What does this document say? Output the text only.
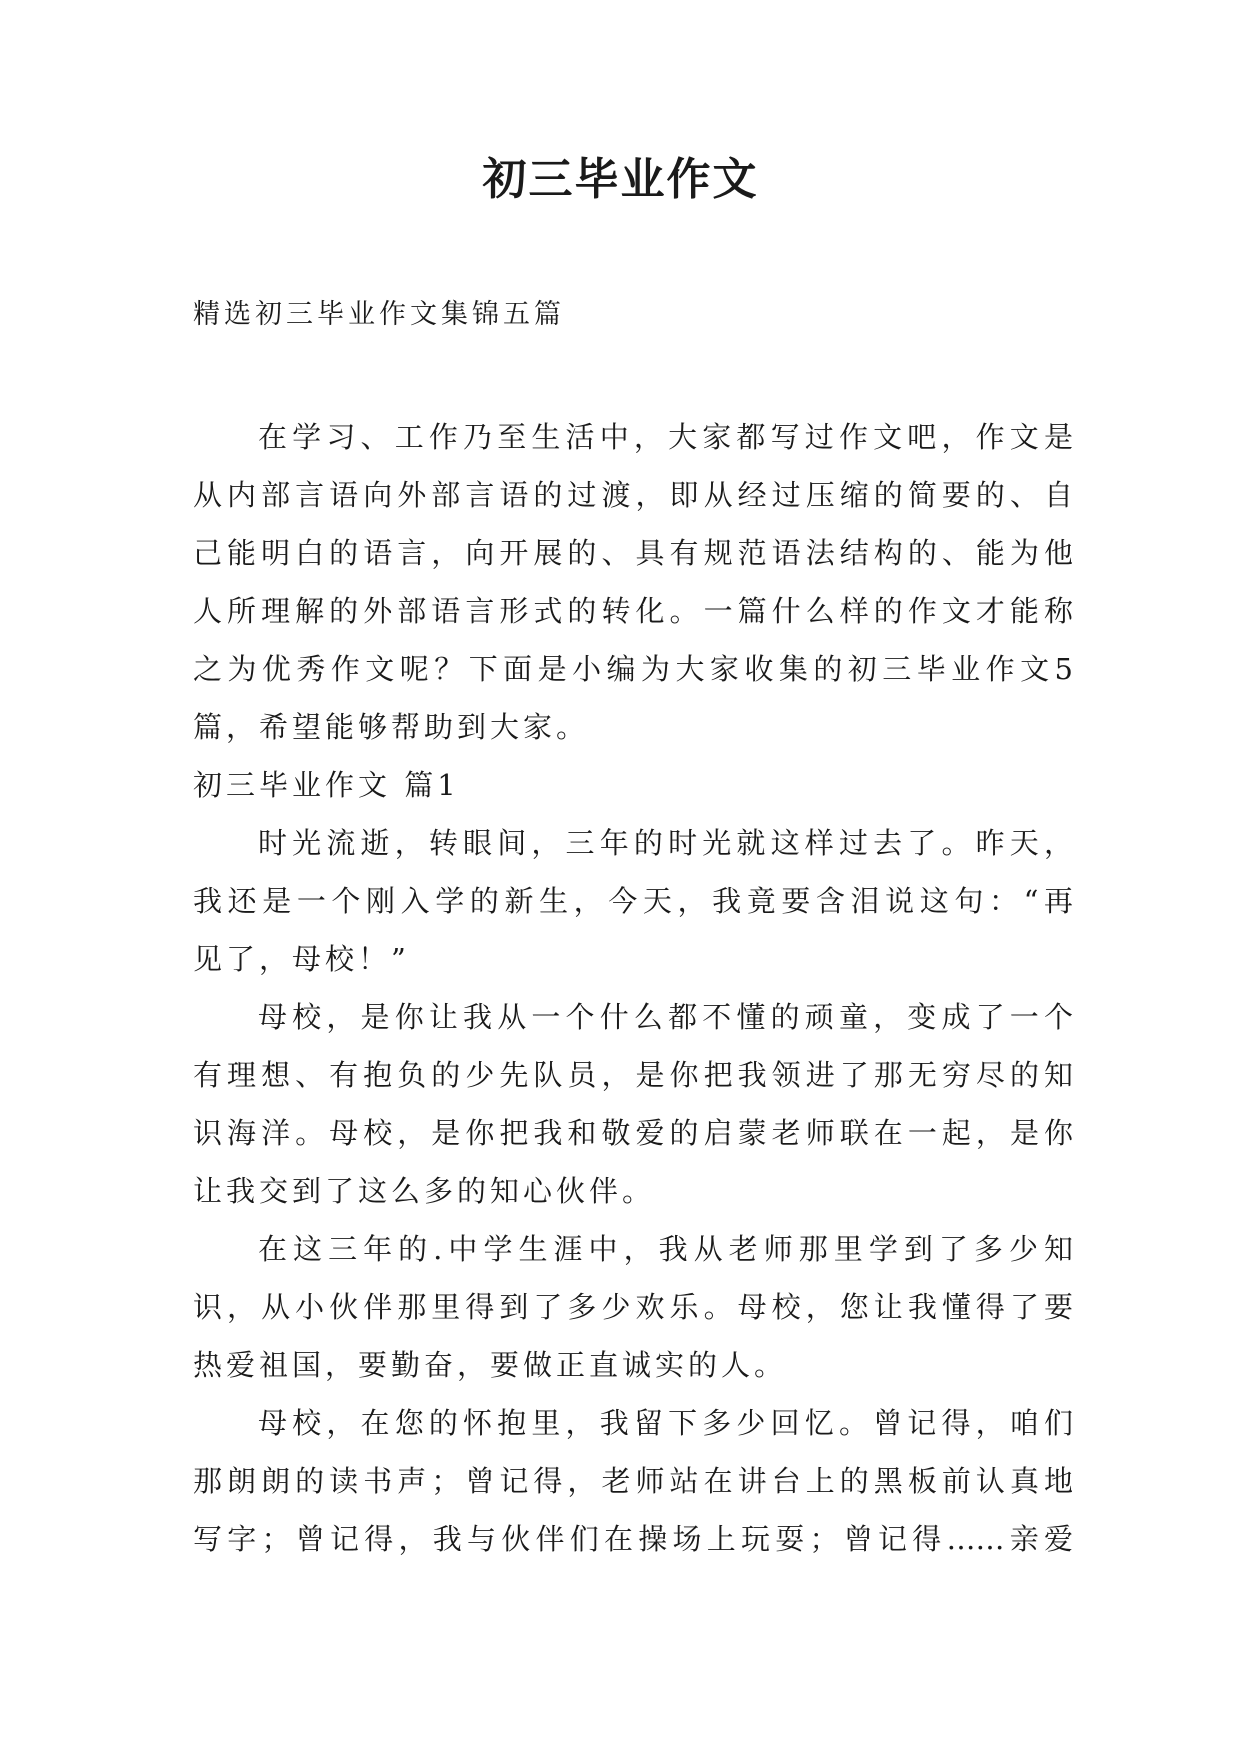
初三毕业作文
精选初三毕业作文集锦五篇
在学习、工作乃至生活中，大家都写过作文吧，作文是
从内部言语向外部言语的过渡，即从经过压缩的简要的、自
己能明白的语言，向开展的、具有规范语法结构的、能为他
人所理解的外部语言形式的转化。一篇什么样的作文才能称
之为优秀作文呢？下面是小编为大家收集的初三毕业作文5
篇，希望能够帮助到大家。
初三毕业作文 篇1
时光流逝，转眼间，三年的时光就这样过去了。昨天，
我还是一个刚入学的新生，今天，我竟要含泪说这句：“再
见了，母校！”
母校，是你让我从一个什么都不懂的顽童，变成了一个
有理想、有抱负的少先队员，是你把我领进了那无穷尽的知
识海洋。母校，是你把我和敬爱的启蒙老师联在一起，是你
让我交到了这么多的知心伙伴。
在这三年的.中学生涯中，我从老师那里学到了多少知
识，从小伙伴那里得到了多少欢乐。母校，您让我懂得了要
热爱祖国，要勤奋，要做正直诚实的人。
母校，在您的怀抱里，我留下多少回忆。曾记得，咱们
那朗朗的读书声；曾记得，老师站在讲台上的黑板前认真地
写字；曾记得，我与伙伴们在操场上玩耍；曾记得……亲爱
